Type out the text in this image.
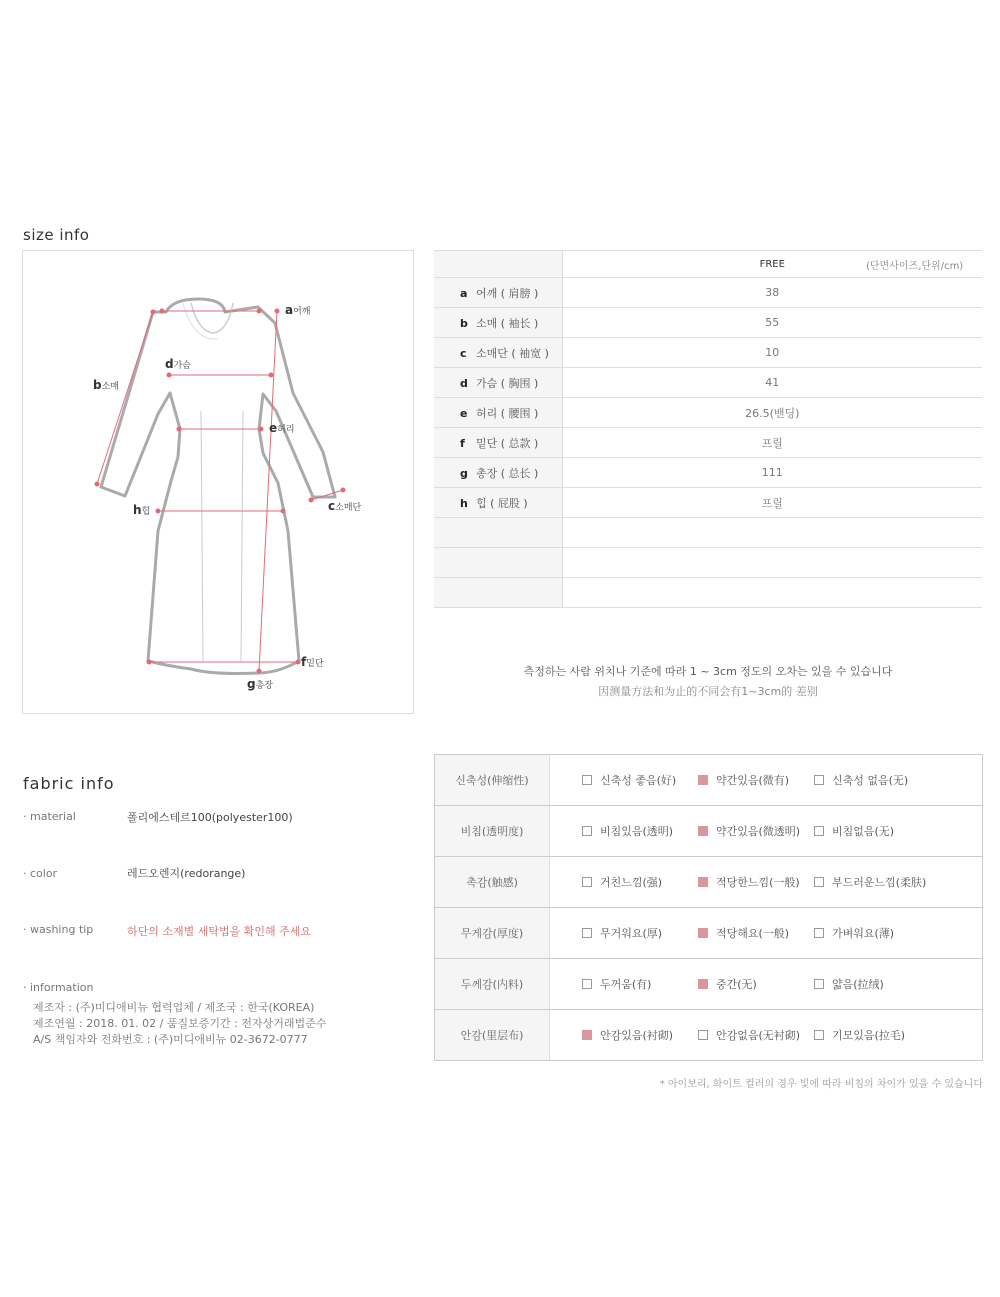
size info
a어깨
b소매
c소매단
d가슴
e허리
f밑단
g총장
h힙
(단면사이즈,단위/cm)
	FREE
a 어깨 ( 肩膀 )	38
b 소매 ( 袖长 )	55
c 소매단 ( 袖宽 )	10
d 가슴 ( 胸围 )	41
e 허리 ( 腰围 )	26.5(밴딩)
f 밑단 ( 总款 )	프릴
g 총장 ( 总长 )	111
h 힙 ( 屁股 )	프릴

측정하는 사람 위치나 기준에 따라 1 ~ 3cm 정도의 오차는 있을 수 있습니다
因测量方法和为止的不同会有1~3cm的 差别
fabric info
· material	폴리에스테르100(polyester100)
· color	레드오렌지(redorange)
· washing tip	하단의 소재별 세탁법을 확인해 주세요
· information
제조자 : (주)미디애비뉴 협력업체 / 제조국 : 한국(KOREA)
제조연월 : 2018. 01. 02 / 품질보증기간 : 전자상거래법준수
A/S 책임자와 전화번호 : (주)미디애비뉴 02-3672-0777
신축성(伸缩性)	신축성 좋음(好) 약간있음(微有) 신축성 없음(无)
비침(透明度)	비침있음(透明) 약간있음(微透明) 비침없음(无)
촉감(触感)	거친느낌(强) 적당한느낌(一般) 부드러운느낌(柔肤)
무게감(厚度)	무거워요(厚) 적당해요(一般) 가벼워요(薄)
두께감(内料)	두꺼움(有) 중간(无) 얇음(拉绒)
안감(里层布)	안감있음(衬砌) 안감없음(无衬砌) 기모있음(拉毛)
* 아이보리, 화이트 컬러의 경우 빛에 따라 비침의 차이가 있을 수 있습니다
